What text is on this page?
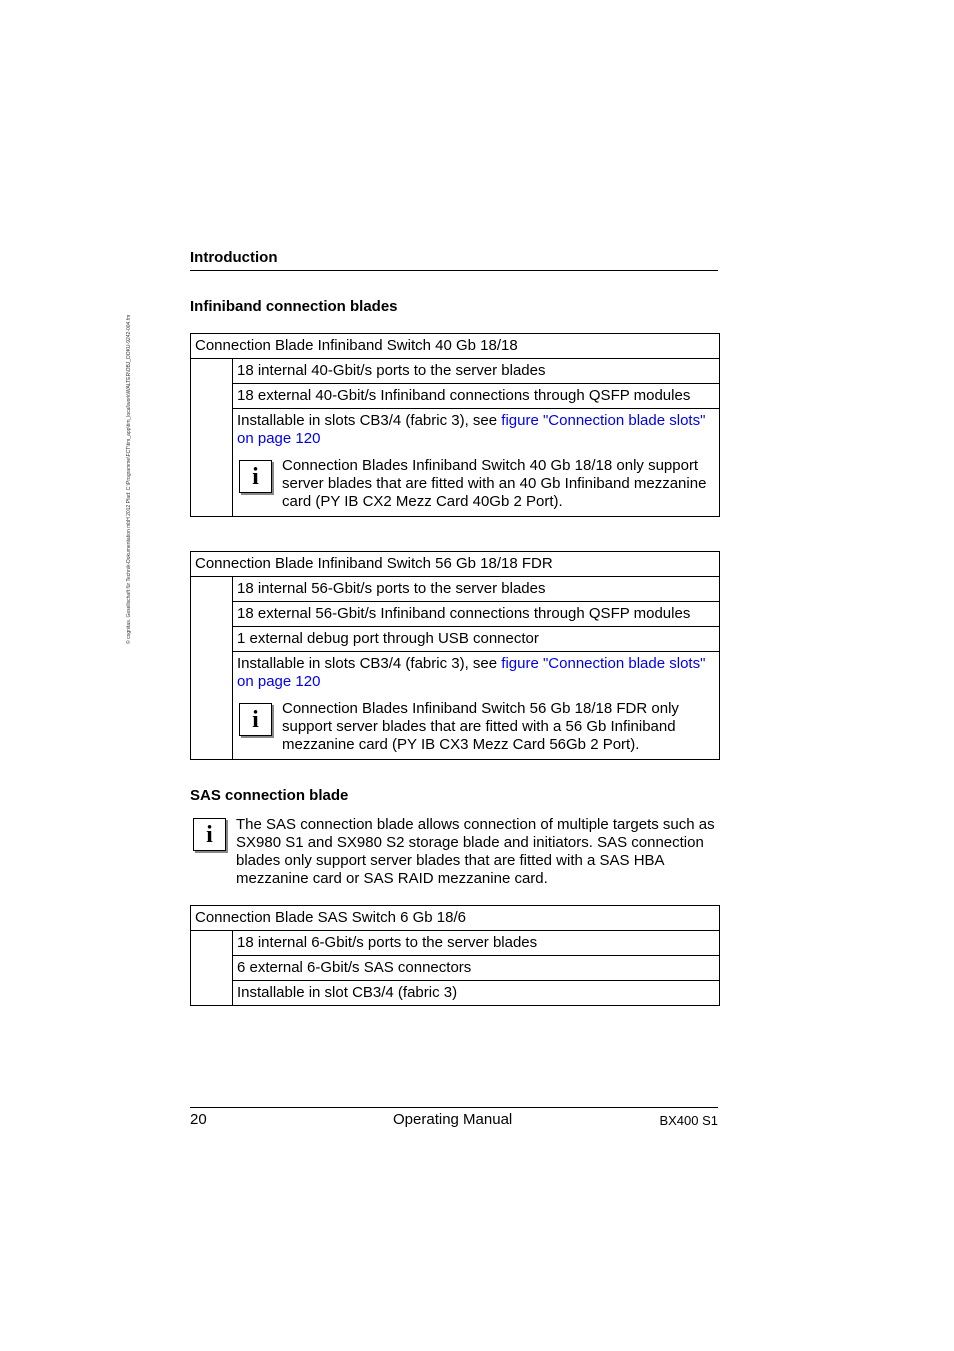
© cognitas. Gesellschaft für Technik-Dokumentation mbH 2012 Pfad: C:\Programme\FCT\tim_app\tim_local\work\WALTER\OBJ_DOKU-9242-004.fm
Introduction
Infiniband connection blades
Connection Blade Infiniband Switch 40 Gb 18/18
	18 internal 40-Gbit/s ports to the server blades
18 external 40-Gbit/s Infiniband connections through QSFP modules
Installable in slots CB3/4 (fabric 3), see figure "Connection blade slots" on page 120
i	Connection Blades Infiniband Switch 40 Gb 18/18 only support server blades that are fitted with an 40 Gb Infiniband mezzanine card (PY IB CX2 Mezz Card 40Gb 2 Port).
Connection Blade Infiniband Switch 56 Gb 18/18 FDR
	18 internal 56-Gbit/s ports to the server blades
18 external 56-Gbit/s Infiniband connections through QSFP modules
1 external debug port through USB connector
Installable in slots CB3/4 (fabric 3), see figure "Connection blade slots" on page 120
i	Connection Blades Infiniband Switch 56 Gb 18/18 FDR only support server blades that are fitted with a 56 Gb Infiniband mezzanine card (PY IB CX3 Mezz Card 56Gb 2 Port).
SAS connection blade
i	The SAS connection blade allows connection of multiple targets such as SX980 S1 and SX980 S2 storage blade and initiators. SAS connection blades only support server blades that are fitted with a SAS HBA mezzanine card or SAS RAID mezzanine card.
Connection Blade SAS Switch 6 Gb 18/6
	18 internal 6-Gbit/s ports to the server blades
6 external 6-Gbit/s SAS connectors
Installable in slot CB3/4 (fabric 3)
20	Operating Manual	BX400 S1
